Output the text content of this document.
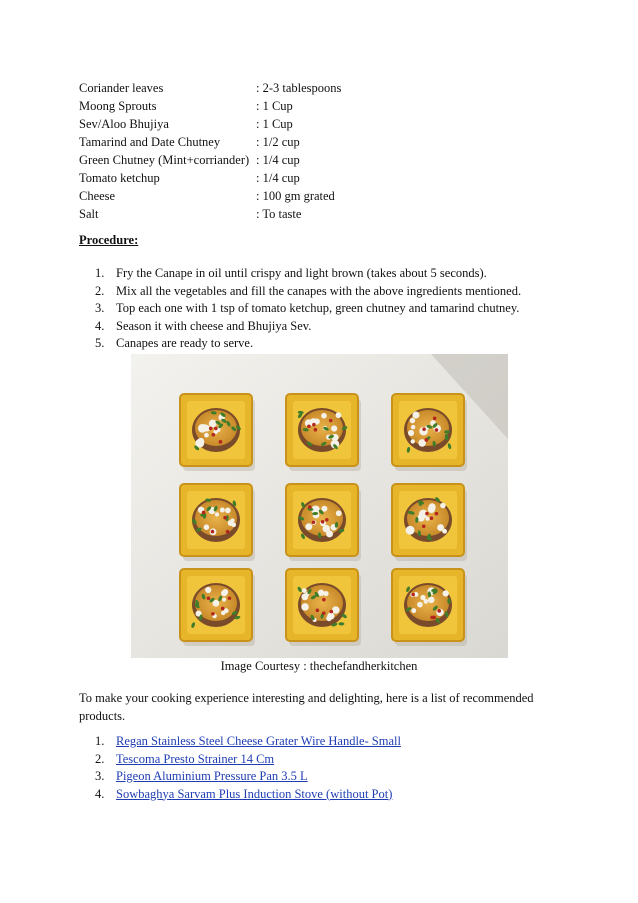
Coriander leaves	: 2-3 tablespoons
Moong Sprouts	: 1 Cup
Sev/Aloo Bhujiya	: 1 Cup
Tamarind and Date Chutney	: 1/2 cup
Green Chutney (Mint+corriander) : 1/4 cup
Tomato ketchup	: 1/4 cup
Cheese	: 100 gm grated
Salt	: To taste
Procedure:
1. Fry the Canape in oil until crispy and light brown (takes about 5 seconds).
2. Mix all the vegetables and fill the canapes with the above ingredients mentioned.
3. Top each one with 1 tsp of tomato ketchup, green chutney and tamarind chutney.
4. Season it with cheese and Bhujiya Sev.
5. Canapes are ready to serve.
Image Courtesy : thechefandherkitchen
To make your cooking experience interesting and delighting, here is a list of recommended products.
1. Regan Stainless Steel Cheese Grater Wire Handle- Small
2. Tescoma Presto Strainer 14 Cm
3. Pigeon Aluminium Pressure Pan 3.5 L
4. Sowbaghya Sarvam Plus Induction Stove (without Pot)
